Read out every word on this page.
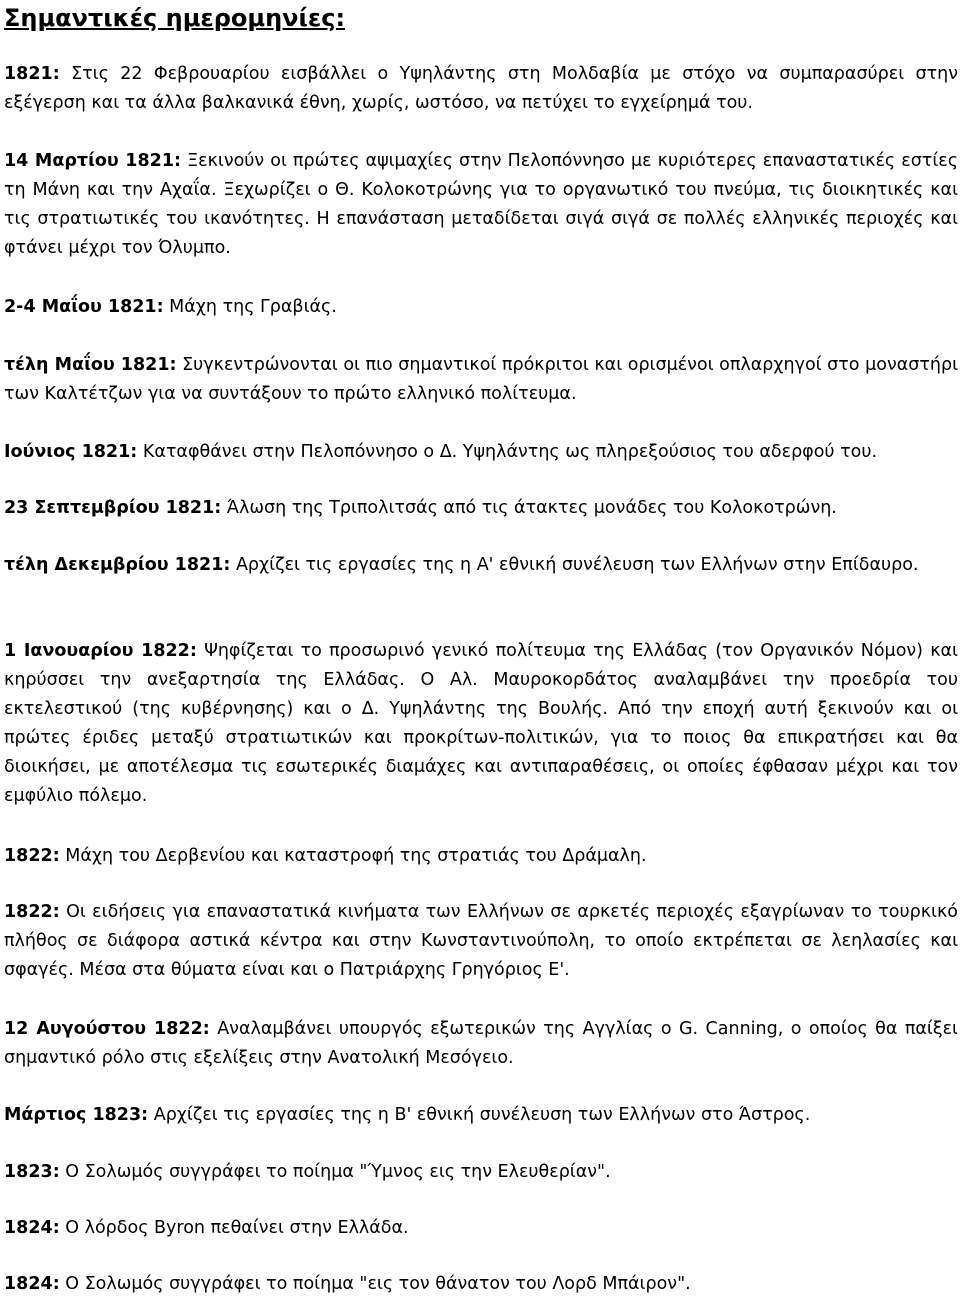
Σημαντικές ημερομηνίες:

1821: Στις 22 Φεβρουαρίου εισβάλλει ο Υψηλάντης στη Μολδαβία με στόχο να συμπαρασύρει στην εξέγερση και τα άλλα βαλκανικά έθνη, χωρίς, ωστόσο, να πετύχει το εγχείρημά του.

14 Μαρτίου 1821: Ξεκινούν οι πρώτες αψιμαχίες στην Πελοπόννησο με κυριότερες επαναστατικές εστίες τη Μάνη και την Αχαΐα. Ξεχωρίζει ο Θ. Κολοκοτρώνης για το οργανωτικό του πνεύμα, τις διοικητικές και τις στρατιωτικές του ικανότητες. Η επανάσταση μεταδίδεται σιγά σιγά σε πολλές ελληνικές περιοχές και φτάνει μέχρι τον Όλυμπο.

2-4 Μαΐου 1821: Μάχη της Γραβιάς.

τέλη Μαΐου 1821: Συγκεντρώνονται οι πιο σημαντικοί πρόκριτοι και ορισμένοι οπλαρχηγοί στο μοναστήρι των Καλτέτζων για να συντάξουν το πρώτο ελληνικό πολίτευμα.

Ιούνιος 1821: Καταφθάνει στην Πελοπόννησο ο Δ. Υψηλάντης ως πληρεξούσιος του αδερφού του.

23 Σεπτεμβρίου 1821: Άλωση της Τριπολιτσάς από τις άτακτες μονάδες του Κολοκοτρώνη.

τέλη Δεκεμβρίου 1821: Αρχίζει τις εργασίες της η Α' εθνική συνέλευση των Ελλήνων στην Επίδαυρο.

1 Ιανουαρίου 1822: Ψηφίζεται το προσωρινό γενικό πολίτευμα της Ελλάδας (τον Οργανικόν Νόμον) και κηρύσσει την ανεξαρτησία της Ελλάδας. Ο Αλ. Μαυροκορδάτος αναλαμβάνει την προεδρία του εκτελεστικού (της κυβέρνησης) και ο Δ. Υψηλάντης της Βουλής. Από την εποχή αυτή ξεκινούν και οι πρώτες έριδες μεταξύ στρατιωτικών και προκρίτων-πολιτικών, για το ποιος θα επικρατήσει και θα διοικήσει, με αποτέλεσμα τις εσωτερικές διαμάχες και αντιπαραθέσεις, οι οποίες έφθασαν μέχρι και τον εμφύλιο πόλεμο.

1822: Μάχη του Δερβενίου και καταστροφή της στρατιάς του Δράμαλη.

1822: Οι ειδήσεις για επαναστατικά κινήματα των Ελλήνων σε αρκετές περιοχές εξαγρίωναν το τουρκικό πλήθος σε διάφορα αστικά κέντρα και στην Κωνσταντινούπολη, το οποίο εκτρέπεται σε λεηλασίες και σφαγές. Μέσα στα θύματα είναι και ο Πατριάρχης Γρηγόριος Ε'.

12 Αυγούστου 1822: Αναλαμβάνει υπουργός εξωτερικών της Αγγλίας ο G. Canning, ο οποίος θα παίξει σημαντικό ρόλο στις εξελίξεις στην Ανατολική Μεσόγειο.

Μάρτιος 1823: Αρχίζει τις εργασίες της η Β' εθνική συνέλευση των Ελλήνων στο Άστρος.

1823: Ο Σολωμός συγγράφει το ποίημα "Ύμνος εις την Ελευθερίαν".

1824: Ο λόρδος Byron πεθαίνει στην Ελλάδα.

1824: Ο Σολωμός συγγράφει το ποίημα "εις τον θάνατον του Λορδ Μπάιρον".
